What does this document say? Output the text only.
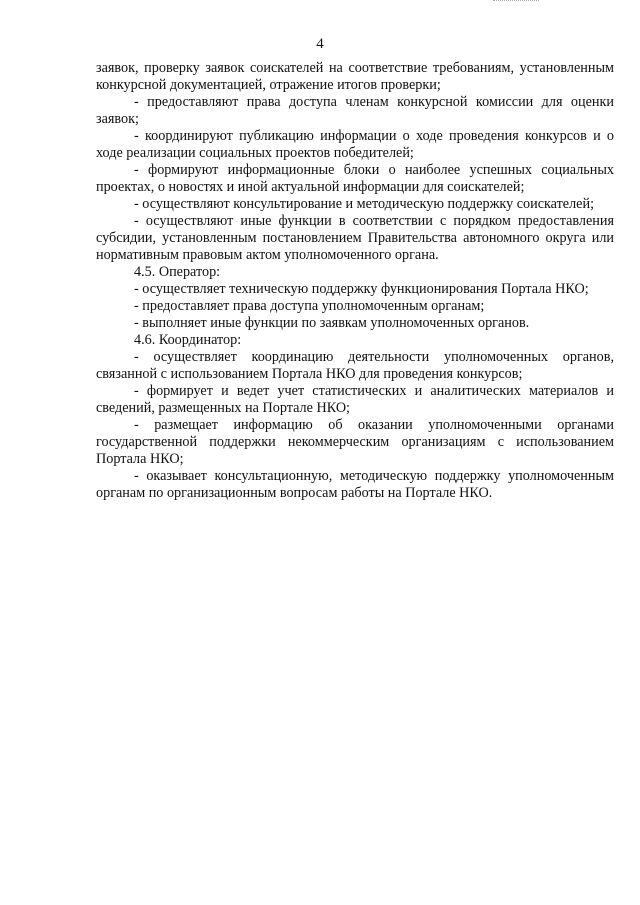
4

заявок, проверку заявок соискателей на соответствие требованиям, установленным конкурсной документацией, отражение итогов проверки;

- предоставляют права доступа членам конкурсной комиссии для оценки заявок;

- координируют публикацию информации о ходе проведения конкурсов и о ходе реализации социальных проектов победителей;

- формируют информационные блоки о наиболее успешных социальных проектах, о новостях и иной актуальной информации для соискателей;

- осуществляют консультирование и методическую поддержку соискателей;

- осуществляют иные функции в соответствии с порядком предоставления субсидии, установленным постановлением Правительства автономного округа или нормативным правовым актом уполномоченного органа.

4.5. Оператор:

- осуществляет техническую поддержку функционирования Портала НКО;

- предоставляет права доступа уполномоченным органам;

- выполняет иные функции по заявкам уполномоченных органов.

4.6. Координатор:

- осуществляет координацию деятельности уполномоченных органов, связанной с использованием Портала НКО для проведения конкурсов;

- формирует и ведет учет статистических и аналитических материалов и сведений, размещенных на Портале НКО;

- размещает информацию об оказании уполномоченными органами государственной поддержки некоммерческим организациям с использованием Портала НКО;

- оказывает консультационную, методическую поддержку уполномоченным органам по организационным вопросам работы на Портале НКО.
